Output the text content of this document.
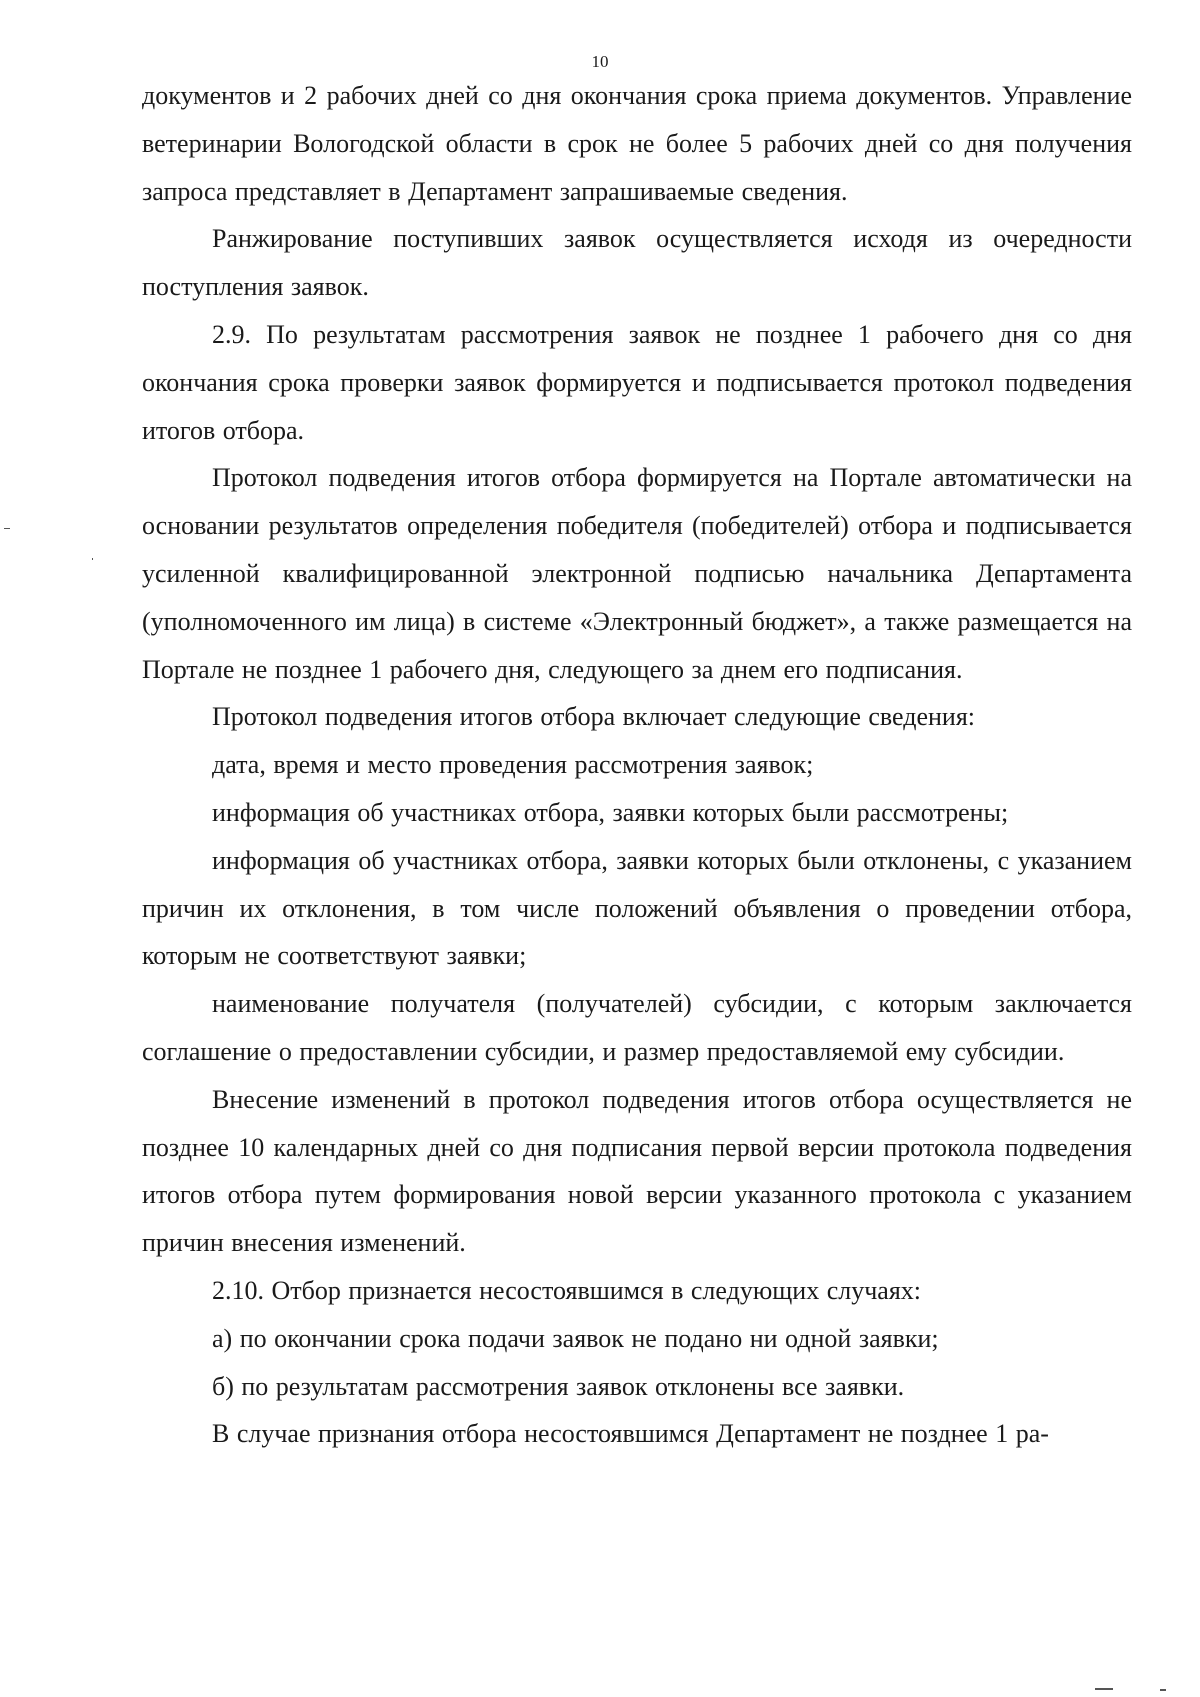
10

документов и 2 рабочих дней со дня окончания срока приема документов. Управление ветеринарии Вологодской области в срок не более 5 рабочих дней со дня получения запроса представляет в Департамент запрашиваемые сведения.

Ранжирование поступивших заявок осуществляется исходя из очередности поступления заявок.

2.9. По результатам рассмотрения заявок не позднее 1 рабочего дня со дня окончания срока проверки заявок формируется и подписывается протокол подведения итогов отбора.

Протокол подведения итогов отбора формируется на Портале автоматически на основании результатов определения победителя (победителей) отбора и подписывается усиленной квалифицированной электронной подписью начальника Департамента (уполномоченного им лица) в системе «Электронный бюджет», а также размещается на Портале не позднее 1 рабочего дня, следующего за днем его подписания.

Протокол подведения итогов отбора включает следующие сведения:

дата, время и место проведения рассмотрения заявок;

информация об участниках отбора, заявки которых были рассмотрены;

информация об участниках отбора, заявки которых были отклонены, с указанием причин их отклонения, в том числе положений объявления о проведении отбора, которым не соответствуют заявки;

наименование получателя (получателей) субсидии, с которым заключается соглашение о предоставлении субсидии, и размер предоставляемой ему субсидии.

Внесение изменений в протокол подведения итогов отбора осуществляется не позднее 10 календарных дней со дня подписания первой версии протокола подведения итогов отбора путем формирования новой версии указанного протокола с указанием причин внесения изменений.

2.10. Отбор признается несостоявшимся в следующих случаях:

а) по окончании срока подачи заявок не подано ни одной заявки;

б) по результатам рассмотрения заявок отклонены все заявки.

В случае признания отбора несостоявшимся Департамент не позднее 1 ра-
